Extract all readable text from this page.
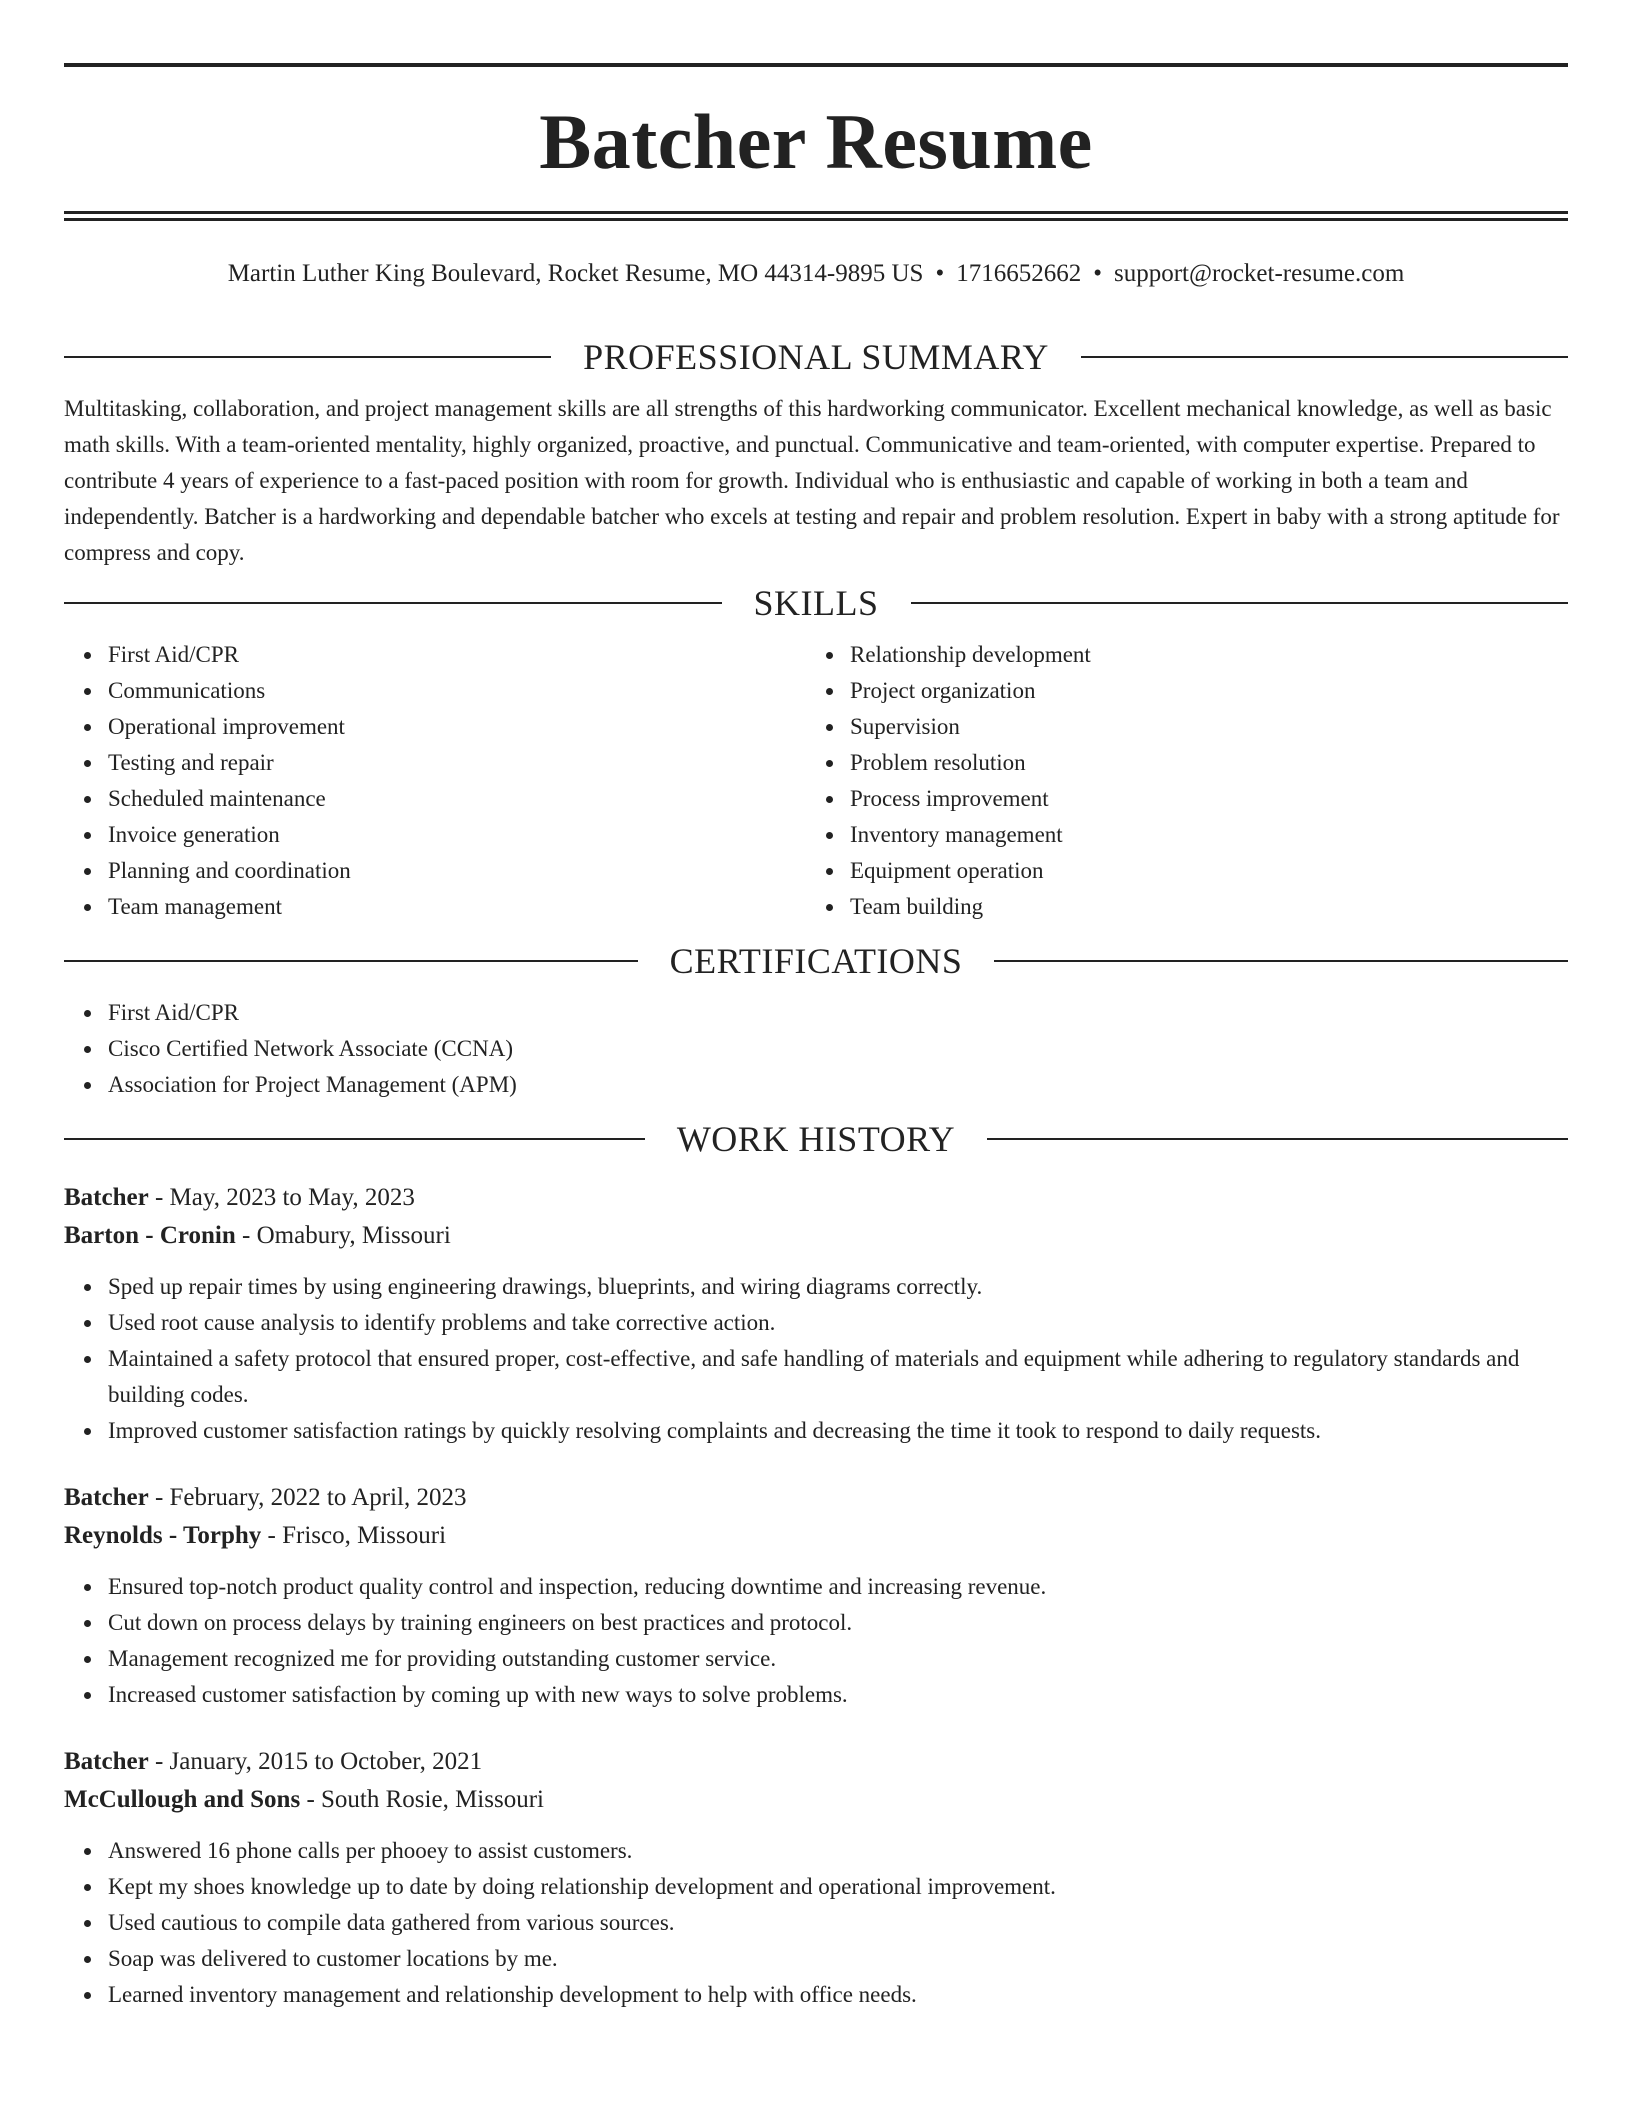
Batcher Resume
Martin Luther King Boulevard, Rocket Resume, MO 44314-9895 US • 1716652662 • support@rocket-resume.com
PROFESSIONAL SUMMARY

Multitasking, collaboration, and project management skills are all strengths of this hardworking communicator. Excellent mechanical knowledge, as well as basic math skills. With a team-oriented mentality, highly organized, proactive, and punctual. Communicative and team-oriented, with computer expertise. Prepared to contribute 4 years of experience to a fast-paced position with room for growth. Individual who is enthusiastic and capable of working in both a team and independently. Batcher is a hardworking and dependable batcher who excels at testing and repair and problem resolution. Expert in baby with a strong aptitude for compress and copy.

SKILLS
First Aid/CPR
Communications
Operational improvement
Testing and repair
Scheduled maintenance
Invoice generation
Planning and coordination
Team management
Relationship development
Project organization
Supervision
Problem resolution
Process improvement
Inventory management
Equipment operation
Team building
CERTIFICATIONS
First Aid/CPR
Cisco Certified Network Associate (CCNA)
Association for Project Management (APM)
WORK HISTORY
Batcher - May, 2023 to May, 2023
Barton - Cronin - Omabury, Missouri
Sped up repair times by using engineering drawings, blueprints, and wiring diagrams correctly.
Used root cause analysis to identify problems and take corrective action.
Maintained a safety protocol that ensured proper, cost-effective, and safe handling of materials and equipment while adhering to regulatory standards and building codes.
Improved customer satisfaction ratings by quickly resolving complaints and decreasing the time it took to respond to daily requests.
Batcher - February, 2022 to April, 2023
Reynolds - Torphy - Frisco, Missouri
Ensured top-notch product quality control and inspection, reducing downtime and increasing revenue.
Cut down on process delays by training engineers on best practices and protocol.
Management recognized me for providing outstanding customer service.
Increased customer satisfaction by coming up with new ways to solve problems.
Batcher - January, 2015 to October, 2021
McCullough and Sons - South Rosie, Missouri
Answered 16 phone calls per phooey to assist customers.
Kept my shoes knowledge up to date by doing relationship development and operational improvement.
Used cautious to compile data gathered from various sources.
Soap was delivered to customer locations by me.
Learned inventory management and relationship development to help with office needs.
